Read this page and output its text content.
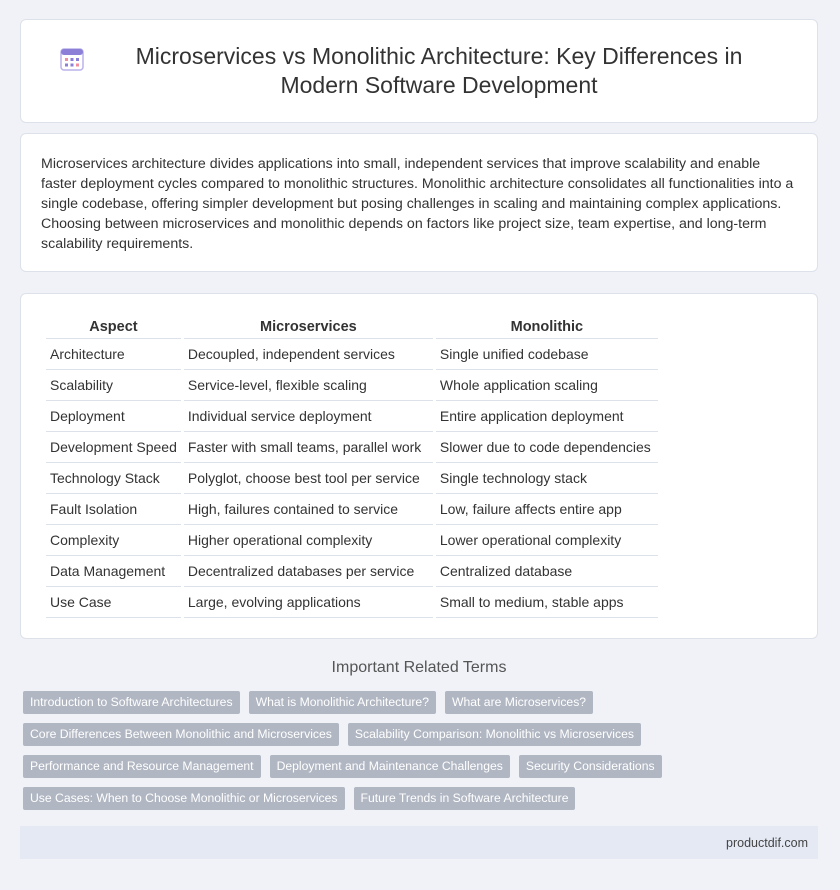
Microservices vs Monolithic Architecture: Key Differences in Modern Software Development

Microservices architecture divides applications into small, independent services that improve scalability and enable faster deployment cycles compared to monolithic structures. Monolithic architecture consolidates all functionalities into a single codebase, offering simpler development but posing challenges in scaling and maintaining complex applications. Choosing between microservices and monolithic depends on factors like project size, team expertise, and long-term scalability requirements.

Aspect	Microservices	Monolithic
Architecture	Decoupled, independent services	Single unified codebase
Scalability	Service-level, flexible scaling	Whole application scaling
Deployment	Individual service deployment	Entire application deployment
Development Speed	Faster with small teams, parallel work	Slower due to code dependencies
Technology Stack	Polyglot, choose best tool per service	Single technology stack
Fault Isolation	High, failures contained to service	Low, failure affects entire app
Complexity	Higher operational complexity	Lower operational complexity
Data Management	Decentralized databases per service	Centralized database
Use Case	Large, evolving applications	Small to medium, stable apps
Important Related Terms
Introduction to Software Architectures	What is Monolithic Architecture?	What are Microservices?
Core Differences Between Monolithic and Microservices	Scalability Comparison: Monolithic vs Microservices
Performance and Resource Management	Deployment and Maintenance Challenges	Security Considerations
Use Cases: When to Choose Monolithic or Microservices	Future Trends in Software Architecture
productdif.com
